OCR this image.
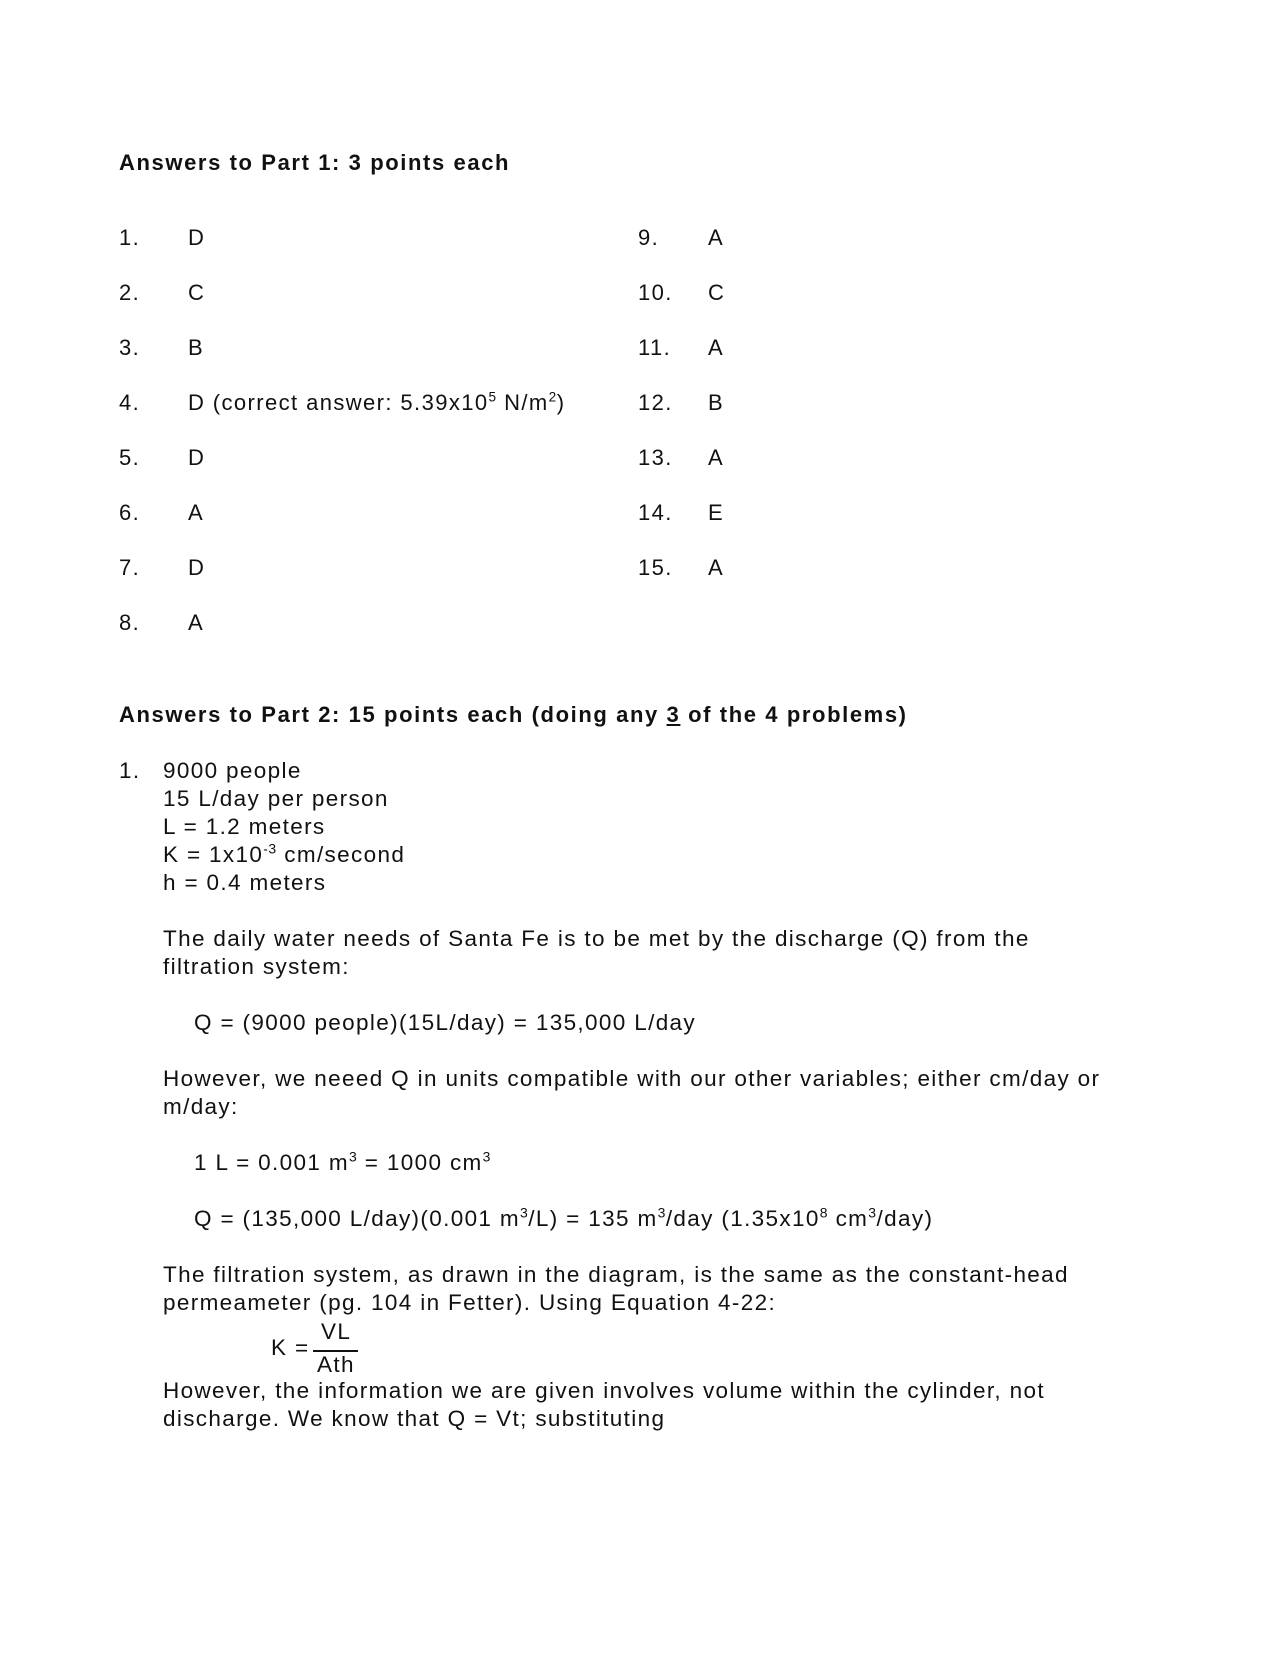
Answers to Part 1: 3 points each
1. D
2. C
3. B
4. D (correct answer: $5.39x10^5$ $N/m^2$)
5. D
6. A
7. D
8. A
9. A
10. C
11. A
12. B
13. A
14. E
15. A
Answers to Part 2: 15 points each (doing any 3 of the 4 problems)
1. 9000 people
15 L/day per person
L = 1.2 meters
$K = 1x10^{-3}$ cm/second
h = 0.4 meters
The daily water needs of Santa Fe is to be met by the discharge (Q) from the
filtration system:
Q = (9000 people)(15L/day) = 135,000 L/day
However, we neeed Q in units compatible with our other variables; either cm/day or
m/day:
1 L = 0.001 $m^3 = 1000$ $cm^3$
Q = (135,000 L/day)(0.001 $m^3/L) = 135$ $m^3$/day ($1.35x10^8$ $cm^3/day$)
The filtration system, as drawn in the diagram, is the same as the constant-head
permeameter (pg. 104 in Fetter). Using Equation 4-22:
K =
VL
Ath
However, the information we are given involves volume within the cylinder, not
discharge. We know that Q = Vt; substituting
